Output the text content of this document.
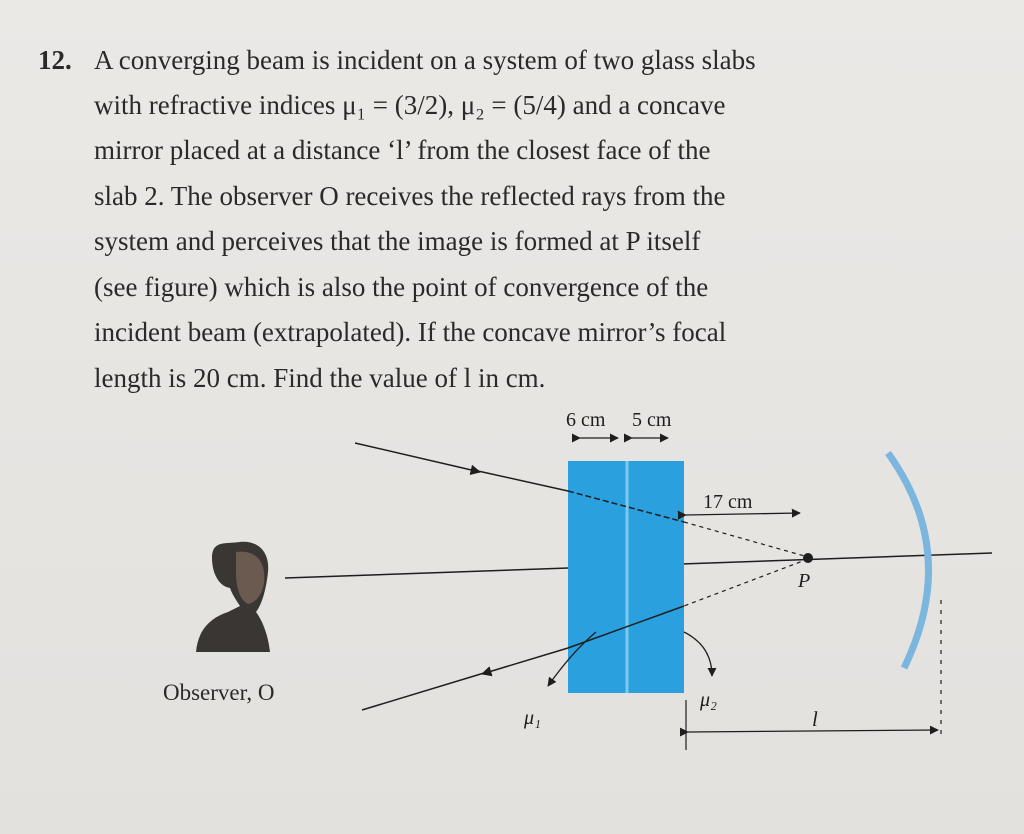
12. A converging beam is incident on a system of two glass slabs
with refractive indices μ₁ = (3/2), μ₂ = (5/4) and a concave
mirror placed at a distance ‘l’ from the closest face of the
slab 2. The observer O receives the reflected rays from the
system and perceives that the image is formed at P itself
(see figure) which is also the point of convergence of the
incident beam (extrapolated). If the concave mirror’s focal
length is 20 cm. Find the value of l in cm.
P
6 cm 5 cm
17 cm
μ₁
μ₂
l
Observer, O
